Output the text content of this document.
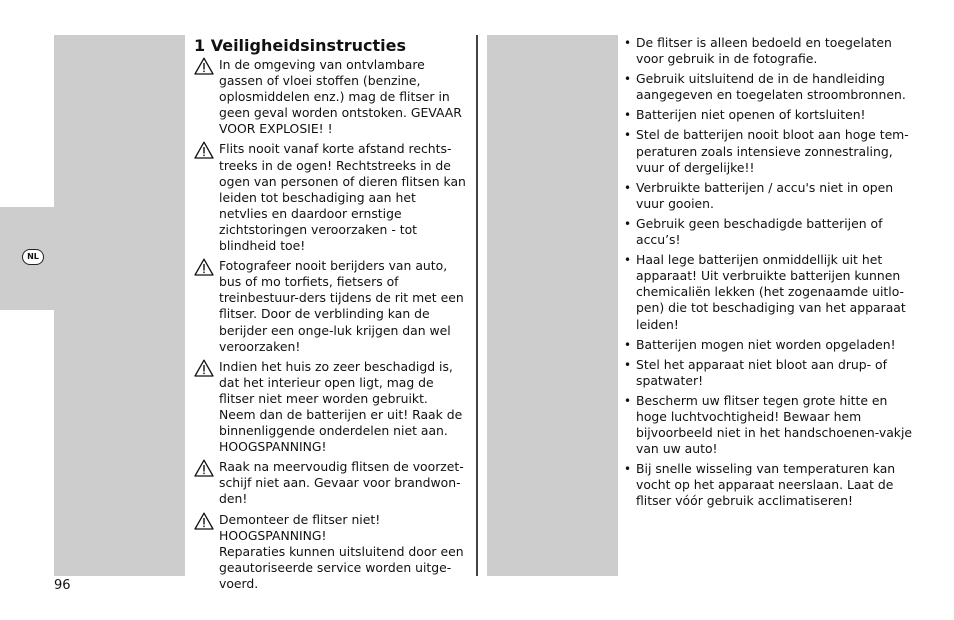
NL
1 Veiligheidsinstructies

In de omgeving van ontvlambare gassen of vloei stoffen (benzine, oplosmiddelen enz.) mag de flitser in geen geval worden ontstoken. GEVAAR VOOR EXPLOSIE! !

Flits nooit vanaf korte afstand rechts-treeks in de ogen! Rechtstreeks in de ogen van personen of dieren flitsen kan leiden tot beschadiging aan het netvlies en daardoor ernstige zichtstoringen veroorzaken - tot blindheid toe!

Fotografeer nooit berijders van auto, bus of mo torfiets, fietsers of treinbestuur-ders tijdens de rit met een flitser. Door de verblinding kan de berijder een onge-luk krijgen dan wel veroorzaken!

Indien het huis zo zeer beschadigd is, dat het interieur open ligt, mag de flitser niet meer worden gebruikt. Neem dan de batterijen er uit! Raak de binnenliggende onderdelen niet aan.

HOOGSPANNING!

Raak na meervoudig flitsen de voorzet-schijf niet aan. Gevaar voor brandwon-den!

Demonteer de flitser niet!

HOOGSPANNING!

Reparaties kunnen uitsluitend door een geautoriseerde service worden uitge-voerd.

• De flitser is alleen bedoeld en toegelaten voor gebruik in de fotografie.
• Gebruik uitsluitend de in de handleiding aangegeven en toegelaten stroombronnen.
• Batterijen niet openen of kortsluiten!
• Stel de batterijen nooit bloot aan hoge tem-peraturen zoals intensieve zonnestraling, vuur of dergelijke!!
• Verbruikte batterijen / accu's niet in open vuur gooien.
• Gebruik geen beschadigde batterijen of accu’s!
• Haal lege batterijen onmiddellijk uit het apparaat! Uit verbruikte batterijen kunnen chemicaliën lekken (het zogenaamde uitlo-pen) die tot beschadiging van het apparaat leiden!
• Batterijen mogen niet worden opgeladen!
• Stel het apparaat niet bloot aan drup- of spatwater!
• Bescherm uw flitser tegen grote hitte en hoge luchtvochtigheid! Bewaar hem bijvoorbeeld niet in het handschoenen-vakje van uw auto!
• Bij snelle wisseling van temperaturen kan vocht op het apparaat neerslaan. Laat de flitser vóór gebruik acclimatiseren!
96
